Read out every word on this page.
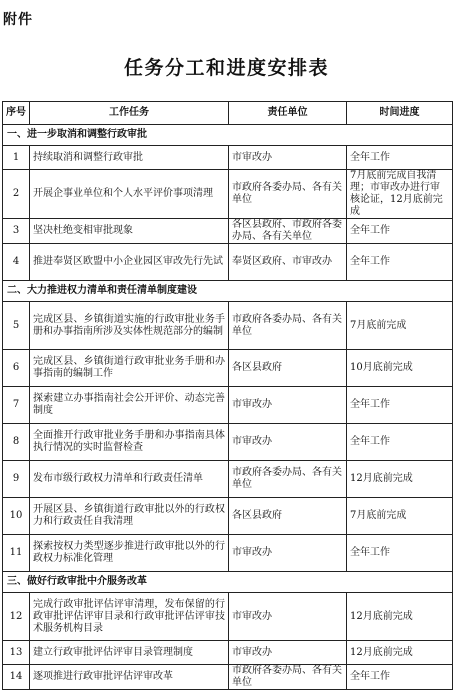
附件
任务分工和进度安排表
序号	工作任务	责任单位	时间进度
一、进一步取消和调整行政审批			
1	持续取消和调整行政审批	市审改办	全年工作
2	开展企事业单位和个人水平评价事项清理	市政府各委办局、各有关单位	7月底前完成自我清理；市审改办进行审核论证，12月底前完成
3	坚决杜绝变相审批现象	各区县政府、市政府各委办局、各有关单位	全年工作
4	推进奉贤区欧盟中小企业园区审改先行先试	奉贤区政府、市审改办	全年工作
二、大力推进权力清单和责任清单制度建设			
5	完成区县、乡镇街道实施的行政审批业务手册和办事指南所涉及实体性规范部分的编制	市政府各委办局、各有关单位	7月底前完成
6	完成区县、乡镇街道行政审批业务手册和办事指南的编制工作	各区县政府	10月底前完成
7	探索建立办事指南社会公开评价、动态完善制度	市审改办	全年工作
8	全面推开行政审批业务手册和办事指南具体执行情况的实时监督检查	市审改办	全年工作
9	发布市级行政权力清单和行政责任清单	市政府各委办局、各有关单位	12月底前完成
10	开展区县、乡镇街道行政审批以外的行政权力和行政责任自我清理	各区县政府	7月底前完成
11	探索按权力类型逐步推进行政审批以外的行政权力标准化管理	市审改办	全年工作
三、做好行政审批中介服务改革			
12	完成行政审批评估评审清理，发布保留的行政审批评估评审目录和行政审批评估评审技术服务机构目录	市审改办	12月底前完成
13	建立行政审批评估评审目录管理制度	市审改办	12月底前完成
14	逐项推进行政审批评估评审改革	市政府各委办局、各有关单位	全年工作
